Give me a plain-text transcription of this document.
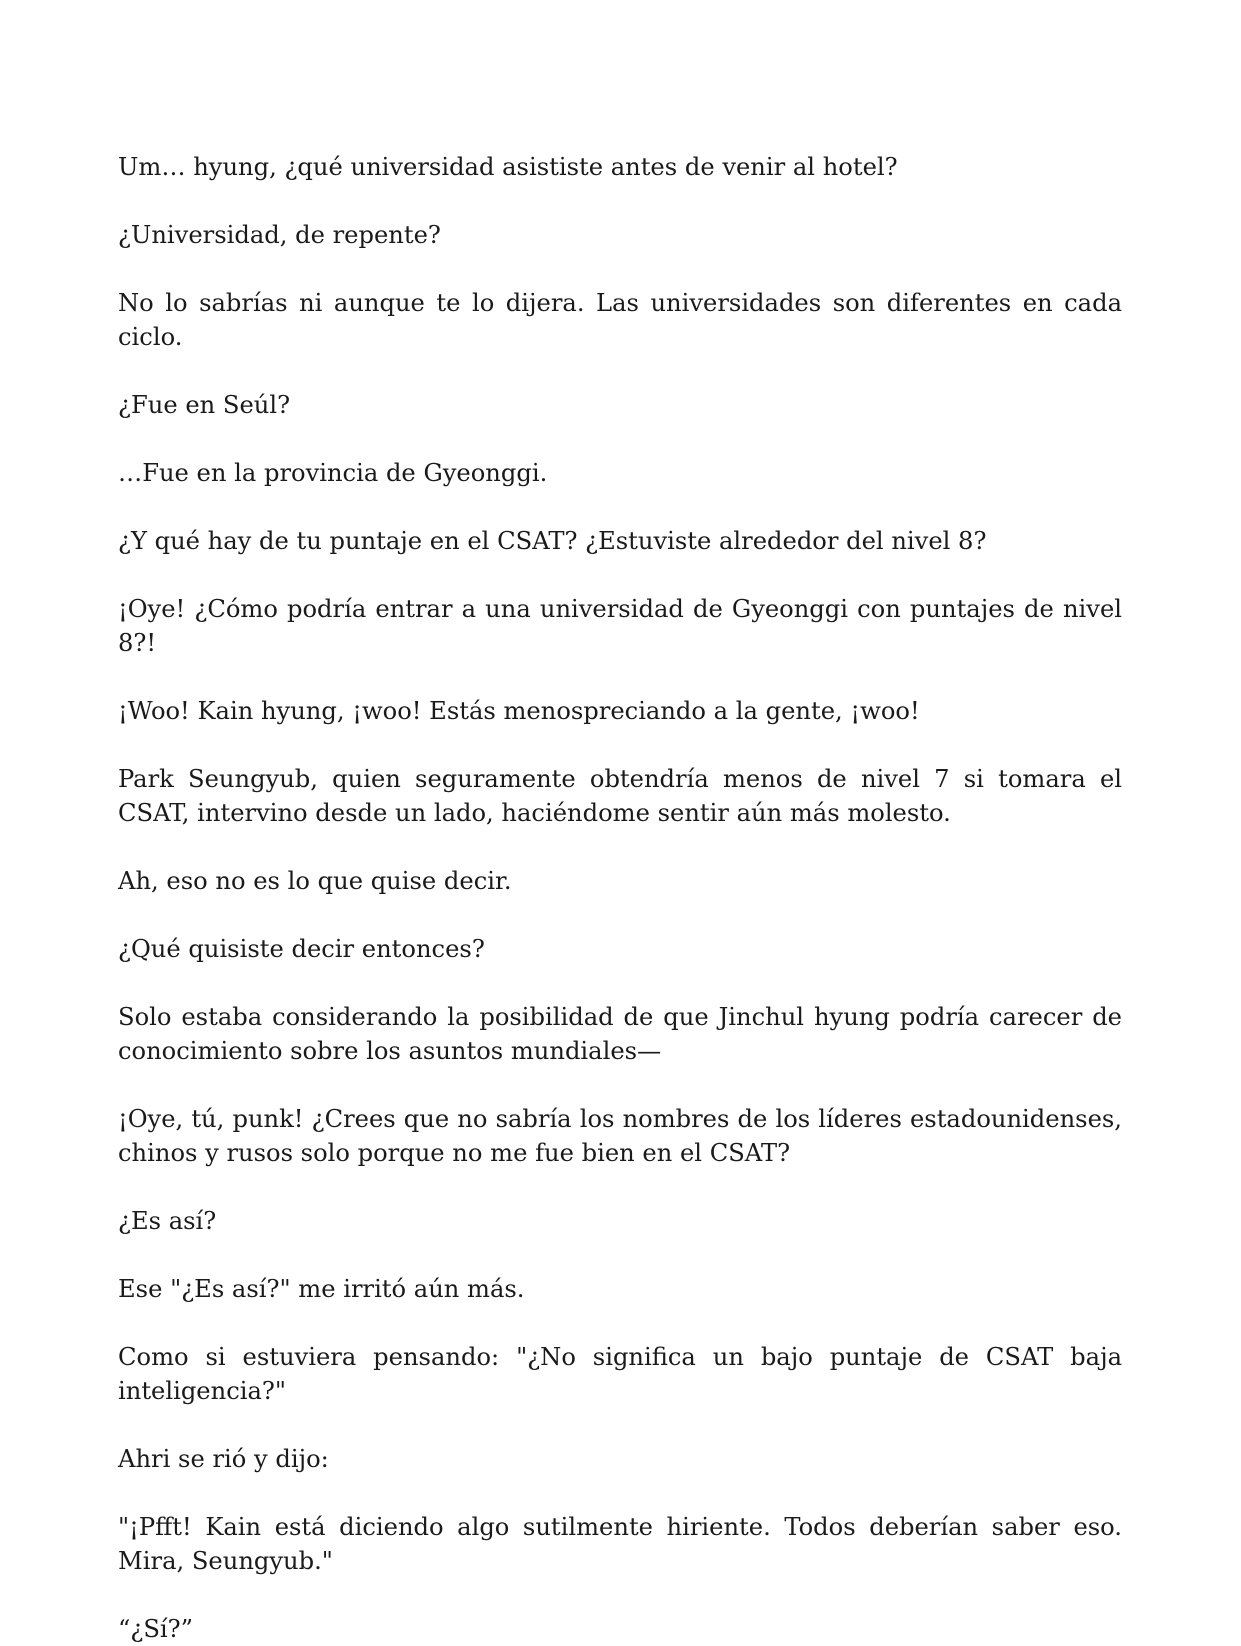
Um… hyung, ¿qué universidad asististe antes de venir al hotel?

¿Universidad, de repente?

No lo sabrías ni aunque te lo dijera. Las universidades son diferentes en cada ciclo.

¿Fue en Seúl?

…Fue en la provincia de Gyeonggi.

¿Y qué hay de tu puntaje en el CSAT? ¿Estuviste alrededor del nivel 8?

¡Oye! ¿Cómo podría entrar a una universidad de Gyeonggi con puntajes de nivel 8?!

¡Woo! Kain hyung, ¡woo! Estás menospreciando a la gente, ¡woo!

Park Seungyub, quien seguramente obtendría menos de nivel 7 si tomara el CSAT, intervino desde un lado, haciéndome sentir aún más molesto.

Ah, eso no es lo que quise decir.

¿Qué quisiste decir entonces?

Solo estaba considerando la posibilidad de que Jinchul hyung podría carecer de conocimiento sobre los asuntos mundiales—

¡Oye, tú, punk! ¿Crees que no sabría los nombres de los líderes estadounidenses, chinos y rusos solo porque no me fue bien en el CSAT?

¿Es así?

Ese "¿Es así?" me irritó aún más.

Como si estuviera pensando: "¿No significa un bajo puntaje de CSAT baja inteligencia?"

Ahri se rió y dijo:

"¡Pfft! Kain está diciendo algo sutilmente hiriente. Todos deberían saber eso. Mira, Seungyub."

“¿Sí?”
